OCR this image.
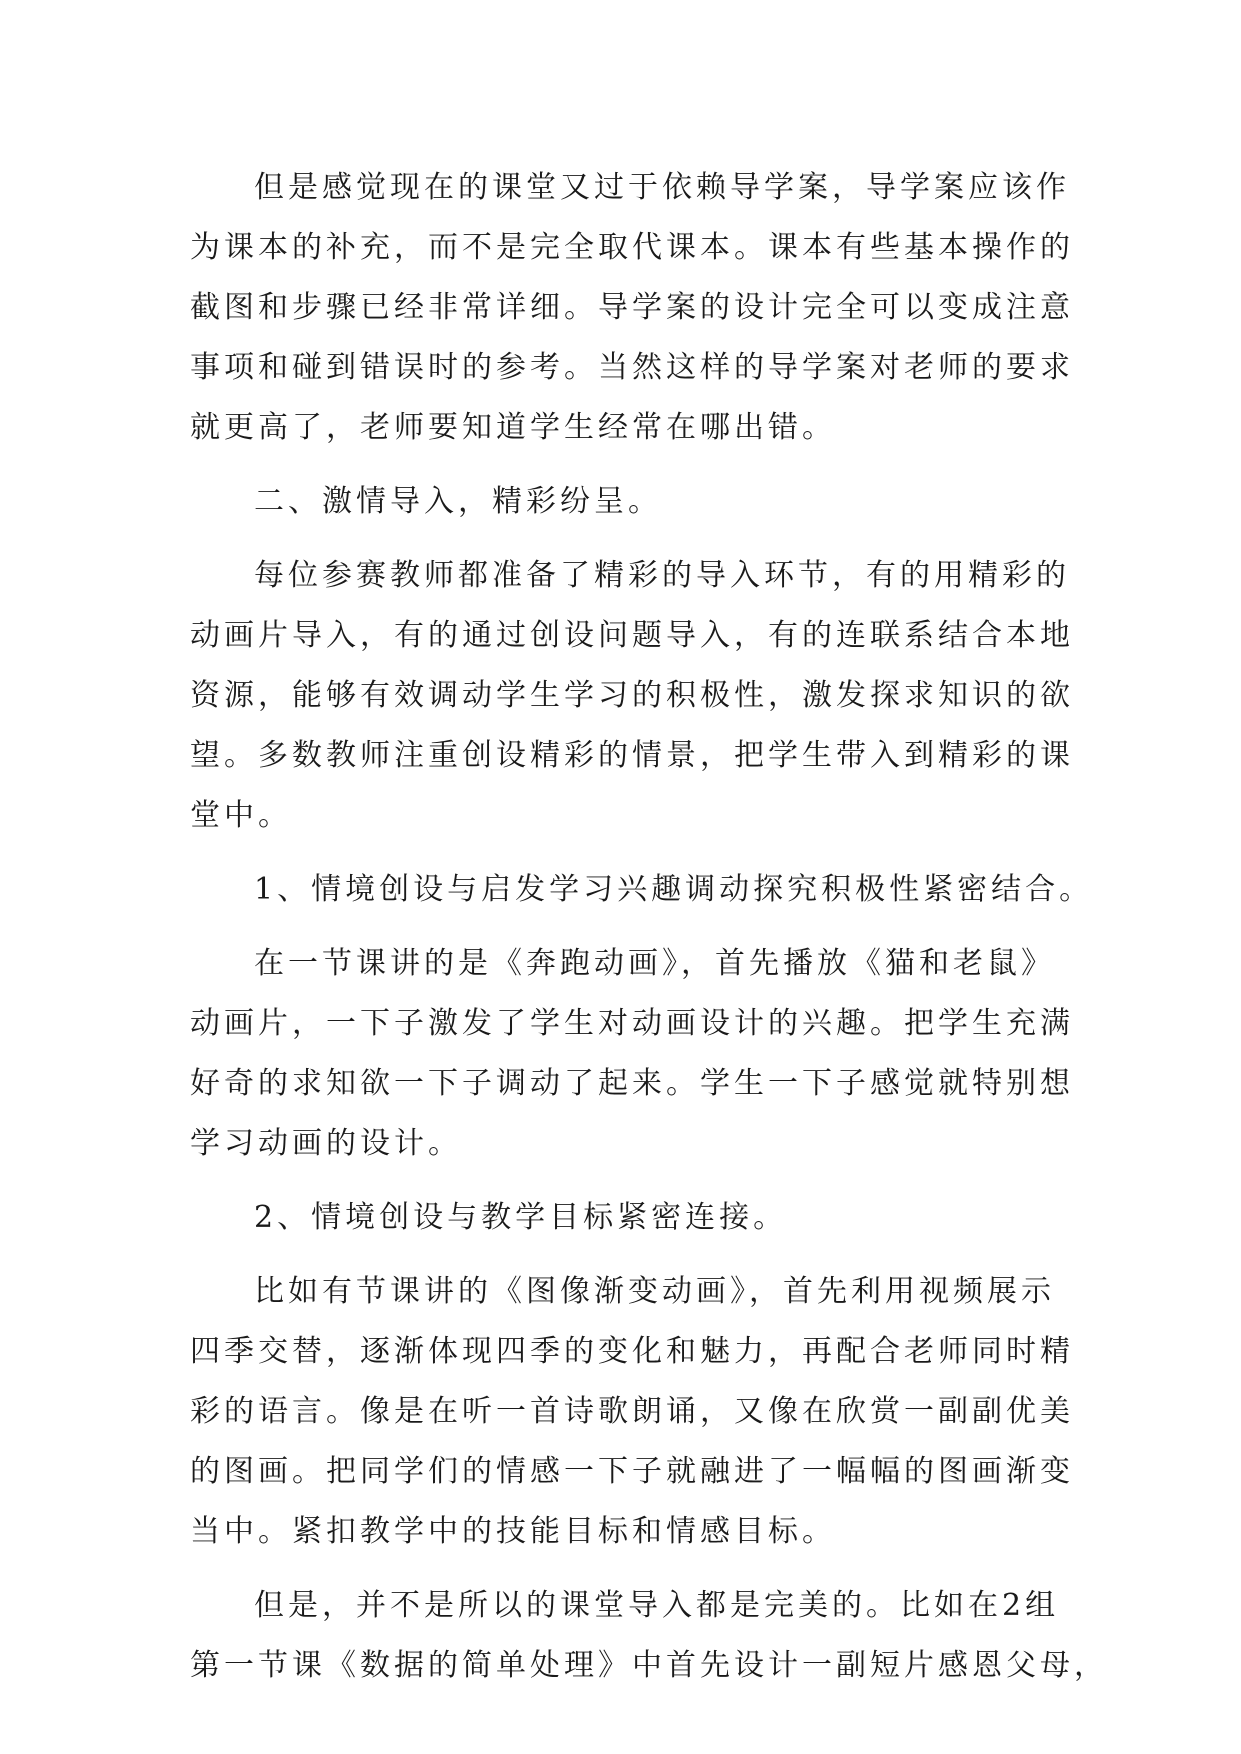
但是感觉现在的课堂又过于依赖导学案，导学案应该作
为课本的补充，而不是完全取代课本。课本有些基本操作的
截图和步骤已经非常详细。导学案的设计完全可以变成注意
事项和碰到错误时的参考。当然这样的导学案对老师的要求
就更高了，老师要知道学生经常在哪出错。
二、激情导入，精彩纷呈。
每位参赛教师都准备了精彩的导入环节，有的用精彩的
动画片导入，有的通过创设问题导入，有的连联系结合本地
资源，能够有效调动学生学习的积极性，激发探求知识的欲
望。多数教师注重创设精彩的情景，把学生带入到精彩的课
堂中。
1、情境创设与启发学习兴趣调动探究积极性紧密结合。
在一节课讲的是《奔跑动画》，首先播放《猫和老鼠》
动画片，一下子激发了学生对动画设计的兴趣。把学生充满
好奇的求知欲一下子调动了起来。学生一下子感觉就特别想
学习动画的设计。
2、情境创设与教学目标紧密连接。
比如有节课讲的《图像渐变动画》，首先利用视频展示
四季交替，逐渐体现四季的变化和魅力，再配合老师同时精
彩的语言。像是在听一首诗歌朗诵，又像在欣赏一副副优美
的图画。把同学们的情感一下子就融进了一幅幅的图画渐变
当中。紧扣教学中的技能目标和情感目标。
但是，并不是所以的课堂导入都是完美的。比如在2组
第一节课《数据的简单处理》中首先设计一副短片感恩父母，
